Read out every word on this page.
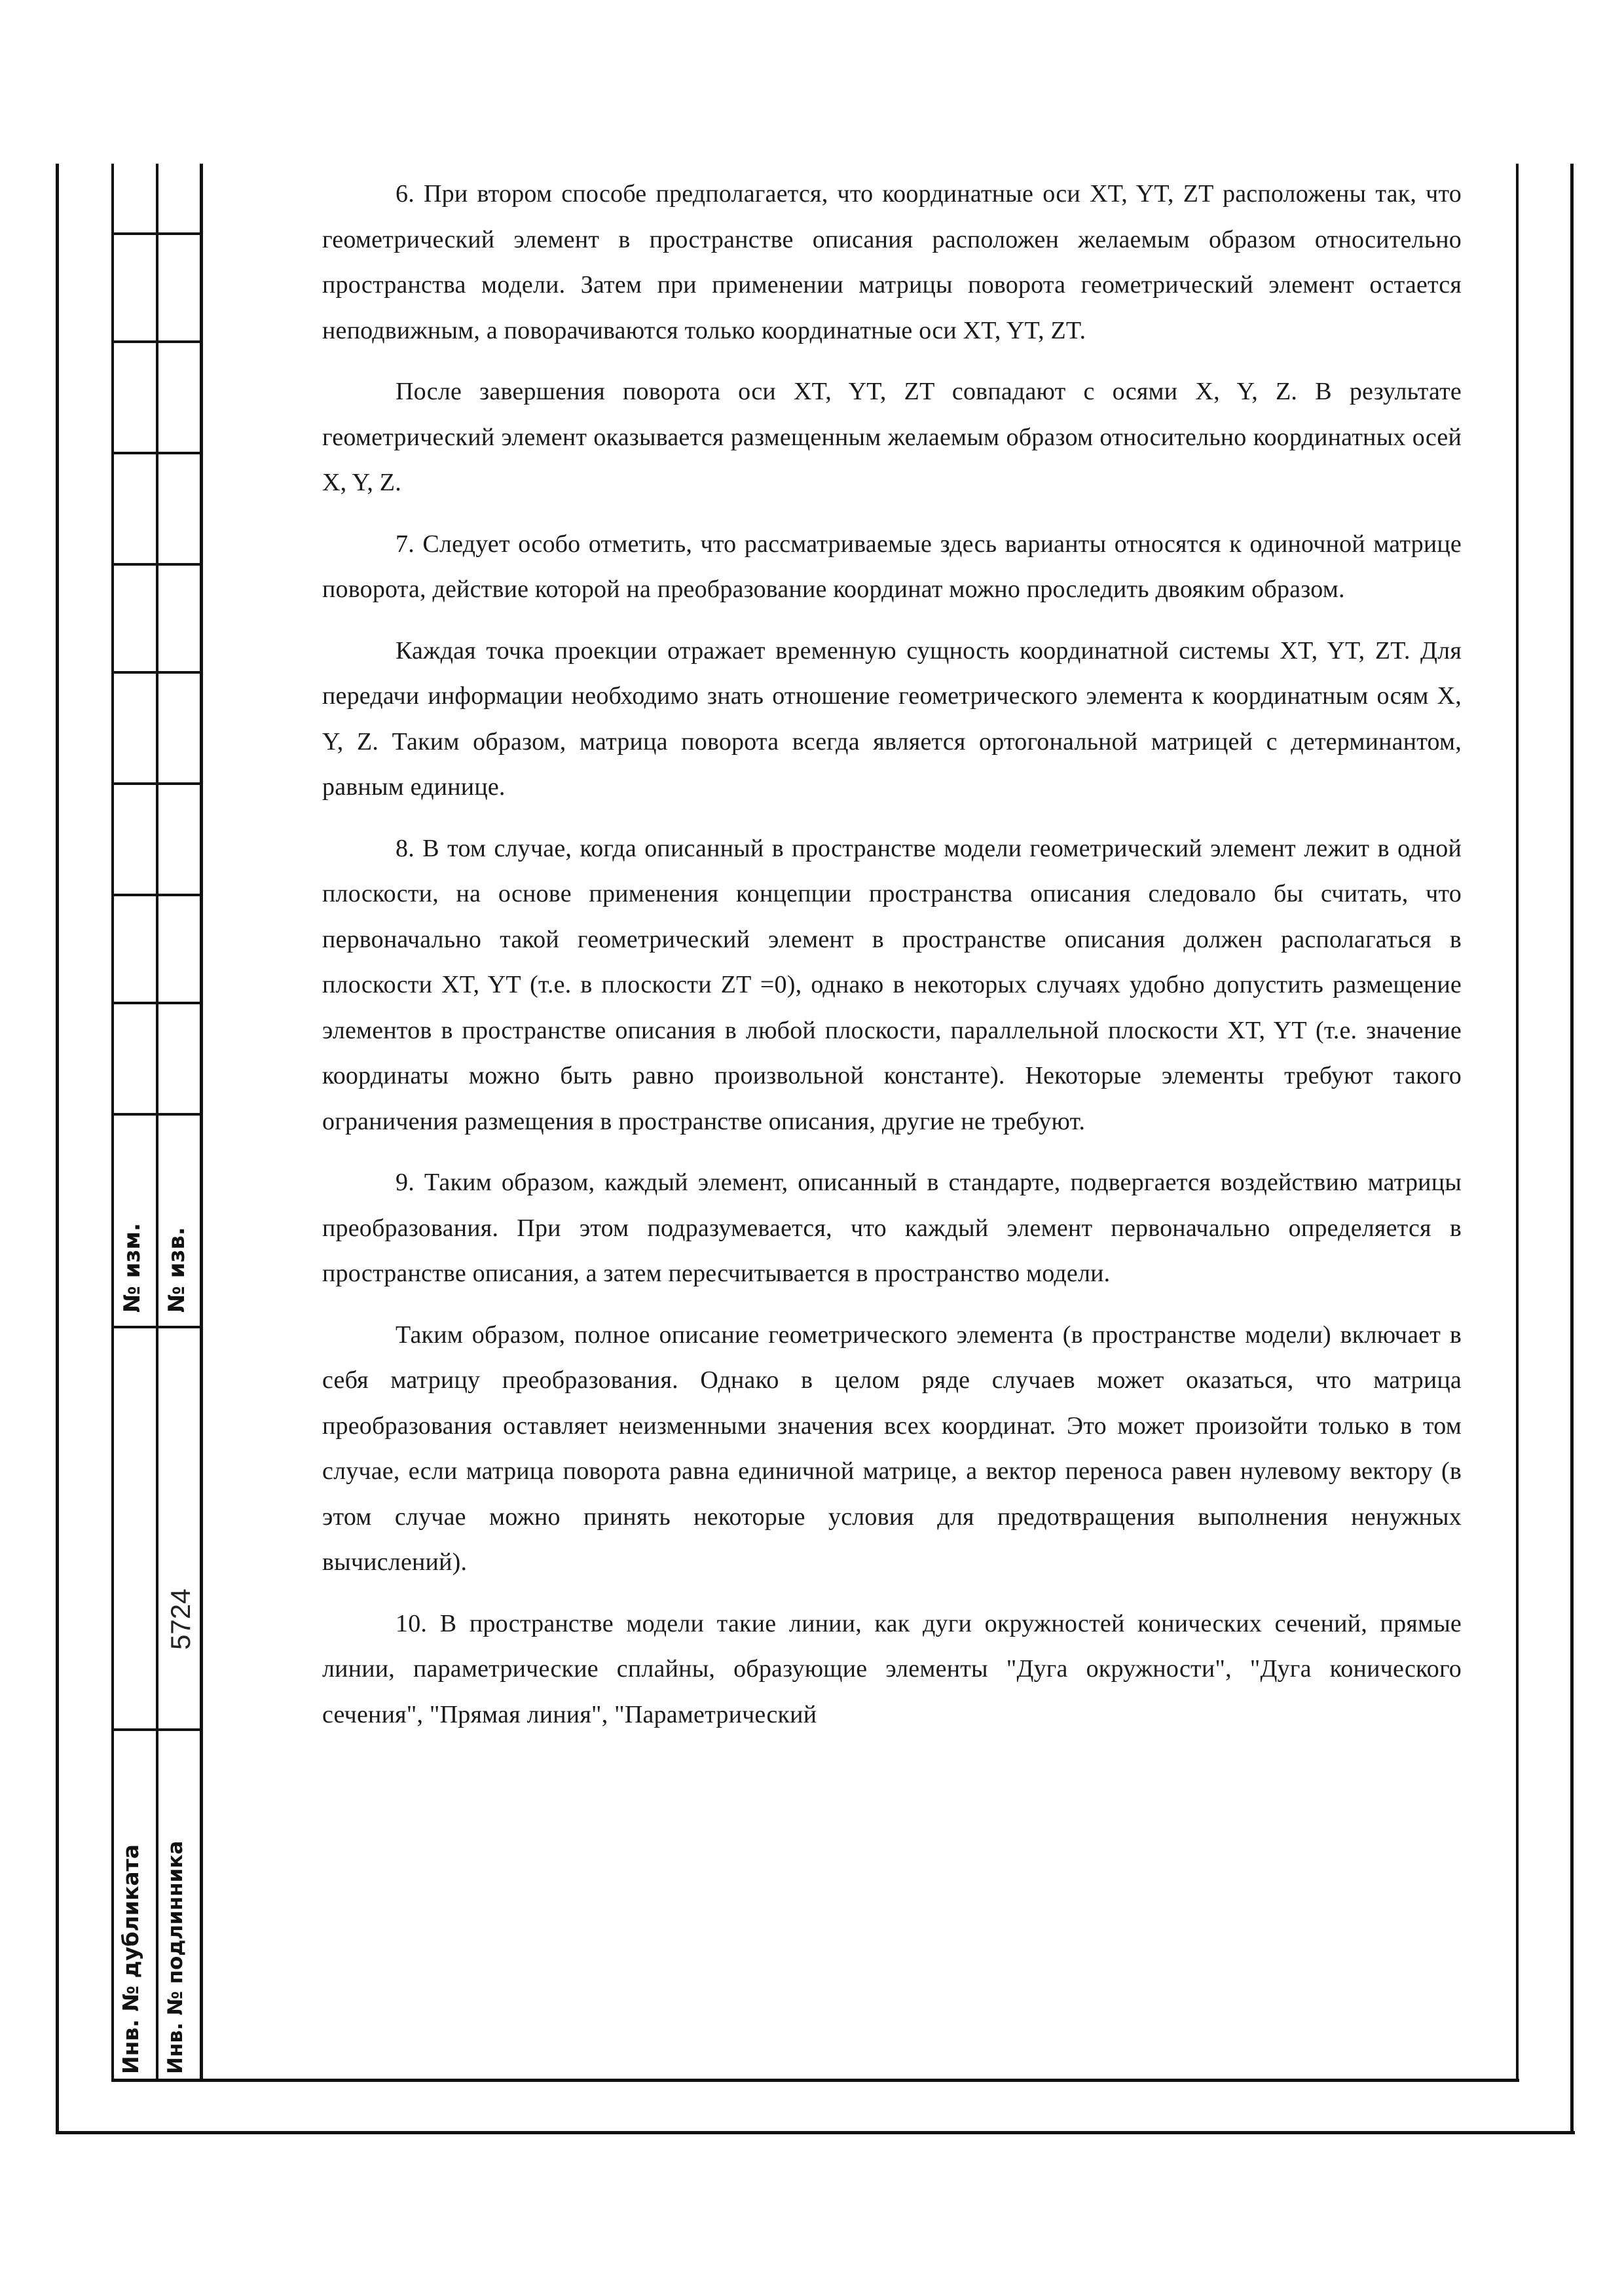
№ изм. № изв.
5724
Инв. № дубликата Инв. № подлинника

6. При втором способе предполагается, что координатные оси XT, YT, ZT расположены так, что геометрический элемент в пространстве описания расположен желаемым образом относительно пространства модели. Затем при применении матрицы поворота геометрический элемент остается неподвижным, а поворачиваются только координатные оси XT, YT, ZT.

После завершения поворота оси XT, YT, ZT совпадают с осями X, Y, Z. В результате геометрический элемент оказывается размещенным желаемым образом относительно координатных осей X, Y, Z.

7. Следует особо отметить, что рассматриваемые здесь варианты относятся к одиночной матрице поворота, действие которой на преобразование координат можно проследить двояким образом.

Каждая точка проекции отражает временную сущность координатной системы XT, YT, ZT. Для передачи информации необходимо знать отношение геометрического элемента к координатным осям X, Y, Z. Таким образом, матрица поворота всегда является ортогональной матрицей с детерминантом, равным единице.

8. В том случае, когда описанный в пространстве модели геометрический элемент лежит в одной плоскости, на основе применения концепции пространства описания следовало бы считать, что первоначально такой геометрический элемент в пространстве описания должен располагаться в плоскости XT, YT (т.е. в плоскости ZT =0), однако в некоторых случаях удобно допустить размещение элементов в пространстве описания в любой плоскости, параллельной плоскости XT, YT (т.е. значение координаты можно быть равно произвольной константе). Некоторые элементы требуют такого ограничения размещения в пространстве описания, другие не требуют.

9. Таким образом, каждый элемент, описанный в стандарте, подвергается воздействию матрицы преобразования. При этом подразумевается, что каждый элемент первоначально определяется в пространстве описания, а затем пересчитывается в пространство модели.

Таким образом, полное описание геометрического элемента (в пространстве модели) включает в себя матрицу преобразования. Однако в целом ряде случаев может оказаться, что матрица преобразования оставляет неизменными значения всех координат. Это может произойти только в том случае, если матрица поворота равна единичной матрице, а вектор переноса равен нулевому вектору (в этом случае можно принять некоторые условия для предотвращения выполнения ненужных вычислений).

10. В пространстве модели такие линии, как дуги окружностей конических сечений, прямые линии, параметрические сплайны, образующие элементы "Дуга окружности", "Дуга конического сечения", "Прямая линия", "Параметрический
